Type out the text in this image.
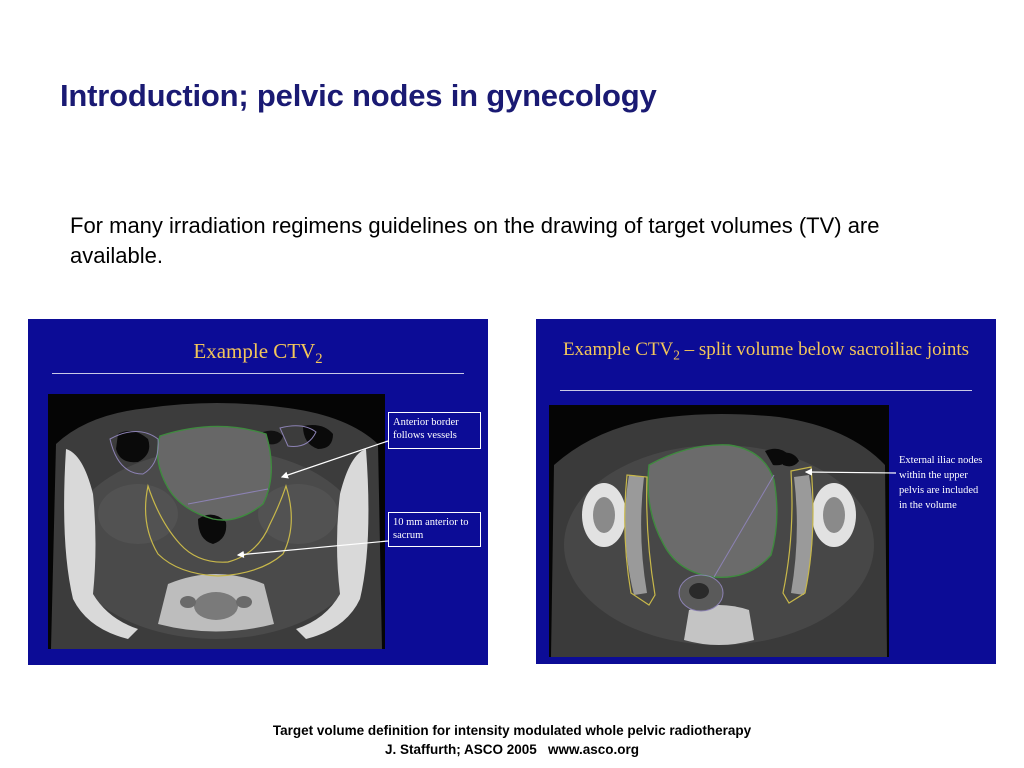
Introduction; pelvic nodes in gynecology

For many irradiation regimens guidelines on the drawing of target volumes (TV) are available.

Example $CTV_2$
Anterior border follows vessels
10 mm anterior to sacrum
Example $CTV_2$ – split volume below sacroiliac joints
External iliac nodes within the upper pelvis are included in the volume
Target volume definition for intensity modulated whole pelvic radiotherapy
J. Staffurth; ASCO 2005   www.asco.org
